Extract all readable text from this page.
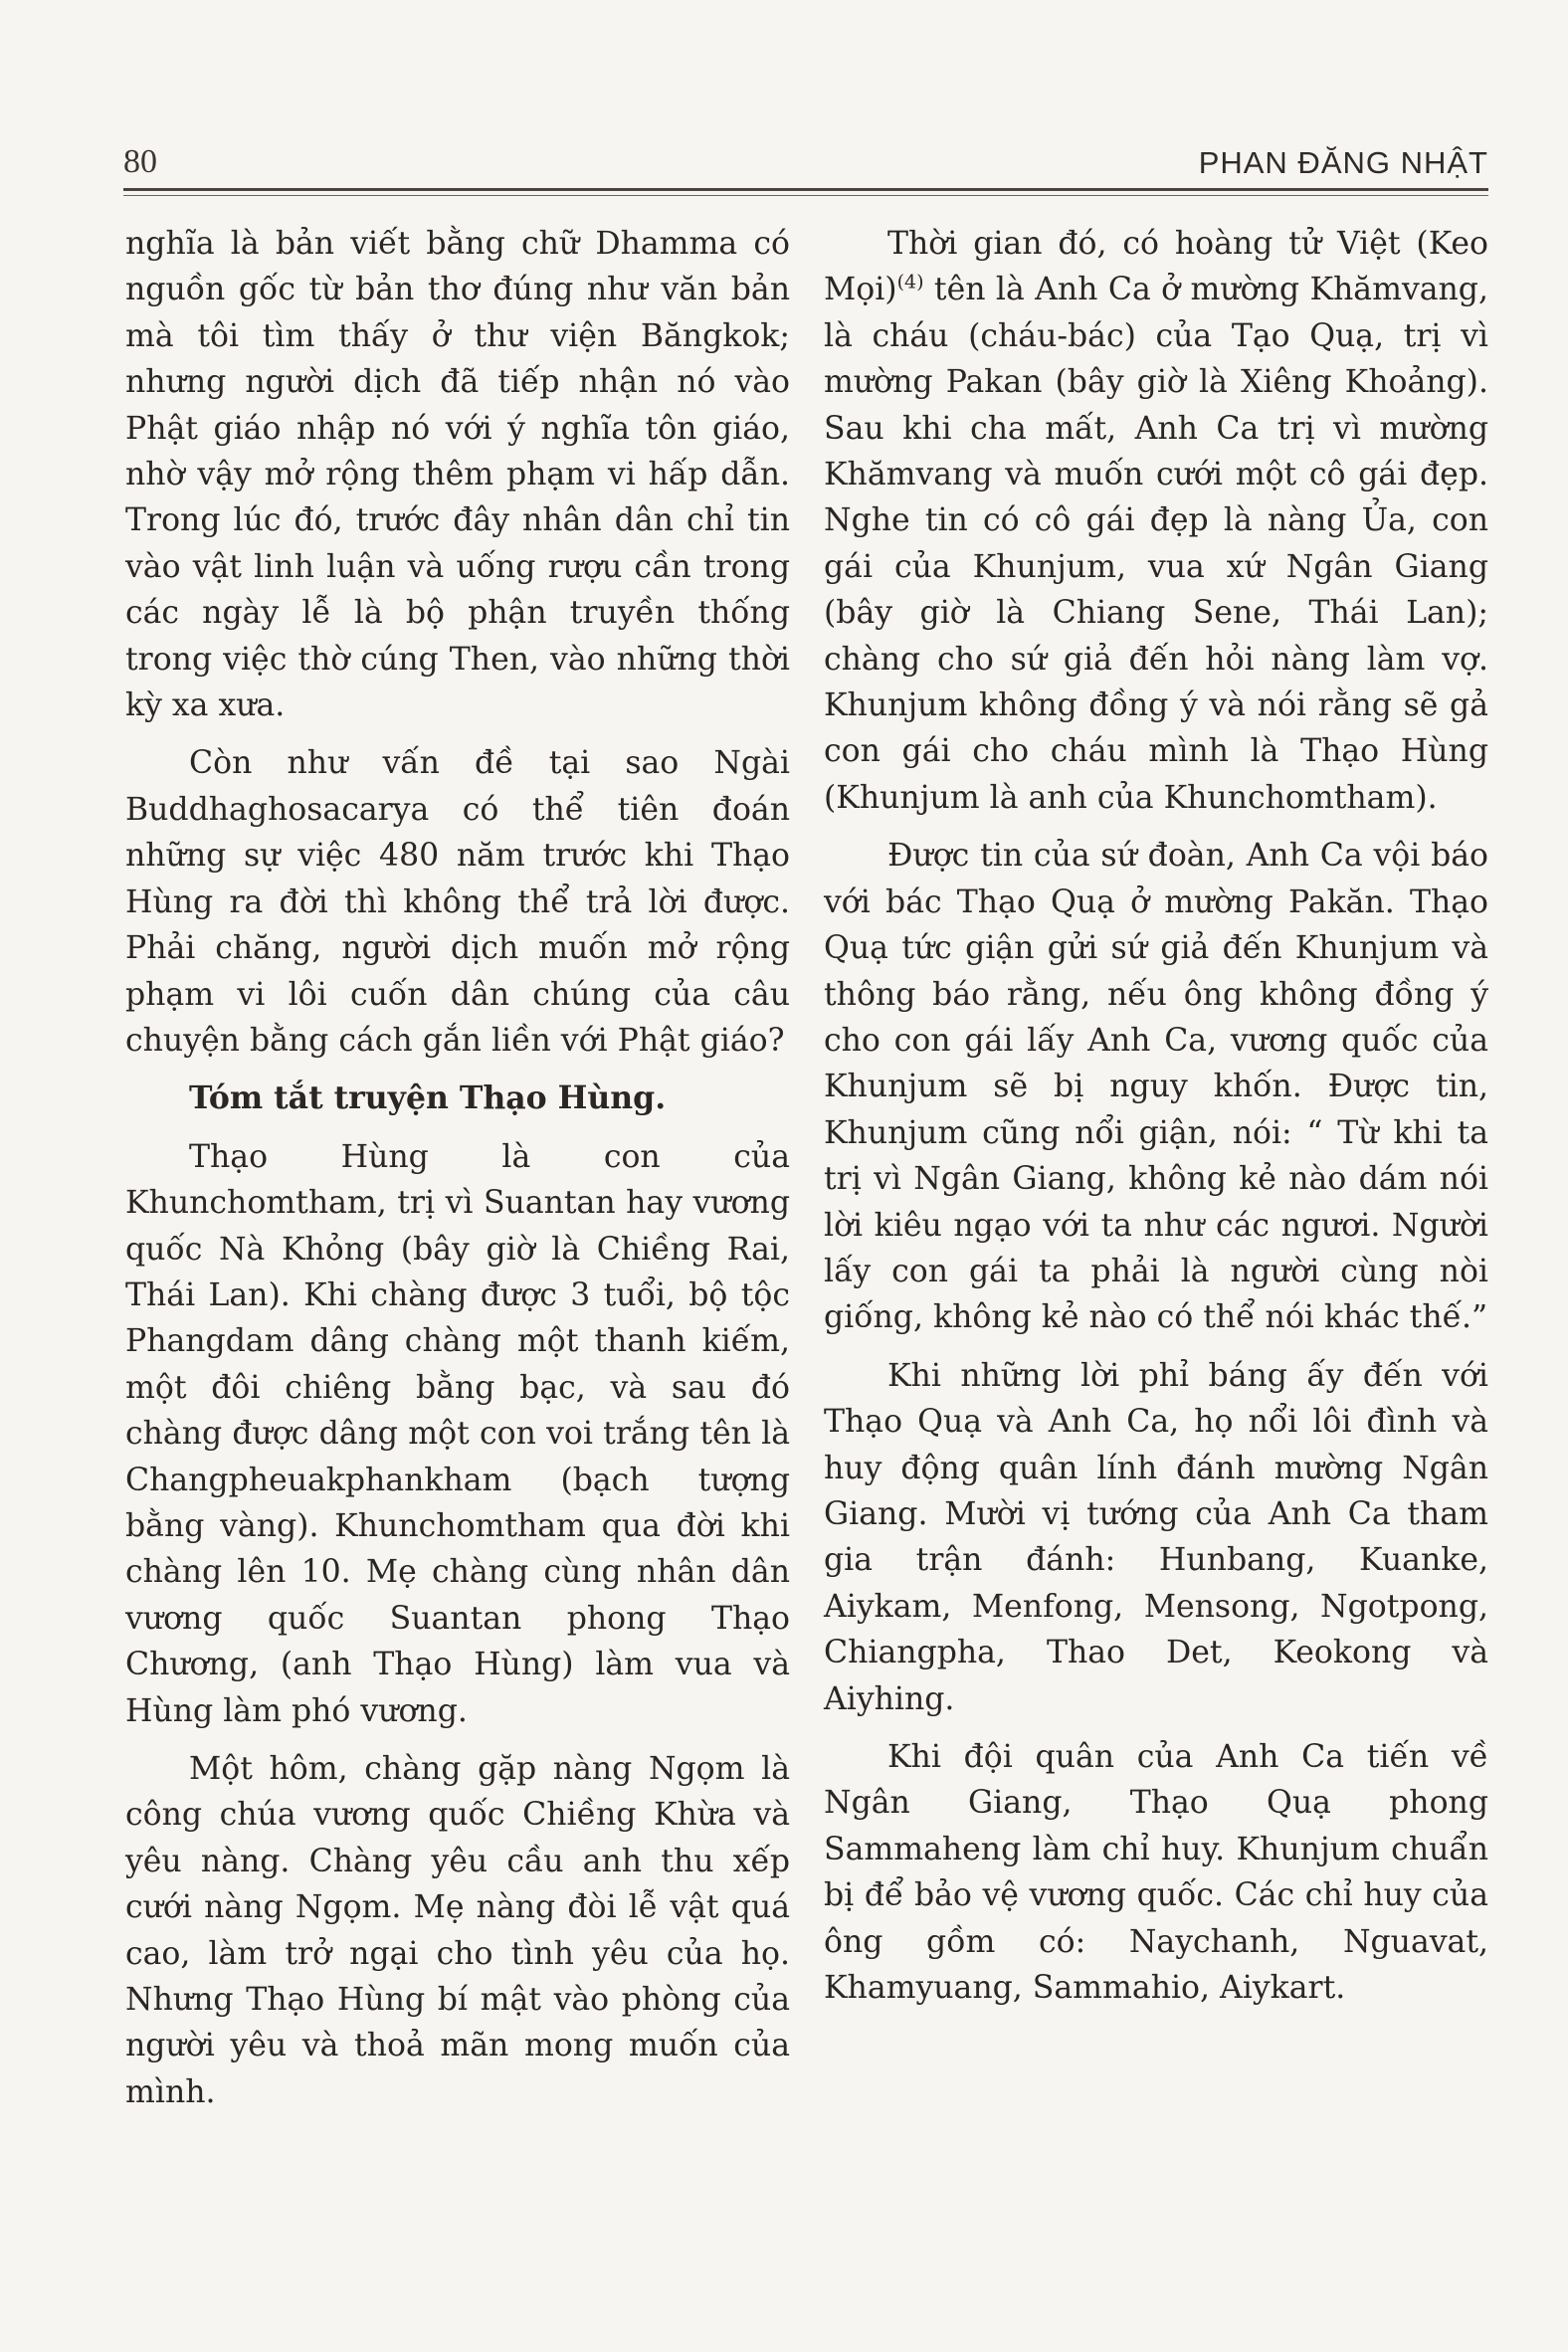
80	PHAN ĐĂNG NHẬT

nghĩa là bản viết bằng chữ Dhamma có nguồn gốc từ bản thơ đúng như văn bản mà tôi tìm thấy ở thư viện Băngkok; nhưng người dịch đã tiếp nhận nó vào Phật giáo nhập nó với ý nghĩa tôn giáo, nhờ vậy mở rộng thêm phạm vi hấp dẫn. Trong lúc đó, trước đây nhân dân chỉ tin vào vật linh luận và uống rượu cần trong các ngày lễ là bộ phận truyền thống trong việc thờ cúng Then, vào những thời kỳ xa xưa.

Còn như vấn đề tại sao Ngài Buddhaghosacarya có thể tiên đoán những sự việc 480 năm trước khi Thạo Hùng ra đời thì không thể trả lời được. Phải chăng, người dịch muốn mở rộng phạm vi lôi cuốn dân chúng của câu chuyện bằng cách gắn liền với Phật giáo?

Tóm tắt truyện Thạo Hùng.

Thạo Hùng là con của Khunchomtham, trị vì Suantan hay vương quốc Nà Khỏng (bây giờ là Chiềng Rai, Thái Lan). Khi chàng được 3 tuổi, bộ tộc Phangdam dâng chàng một thanh kiếm, một đôi chiêng bằng bạc, và sau đó chàng được dâng một con voi trắng tên là Changpheuakphankham (bạch tượng bằng vàng). Khunchomtham qua đời khi chàng lên 10. Mẹ chàng cùng nhân dân vương quốc Suantan phong Thạo Chương, (anh Thạo Hùng) làm vua và Hùng làm phó vương.

Một hôm, chàng gặp nàng Ngọm là công chúa vương quốc Chiềng Khừa và yêu nàng. Chàng yêu cầu anh thu xếp cưới nàng Ngọm. Mẹ nàng đòi lễ vật quá cao, làm trở ngại cho tình yêu của họ. Nhưng Thạo Hùng bí mật vào phòng của người yêu và thoả mãn mong muốn của mình.

Thời gian đó, có hoàng tử Việt (Keo Mọi)$^{(4)}$ tên là Anh Ca ở mường Khămvang, là cháu (cháu-bác) của Tạo Quạ, trị vì mường Pakan (bây giờ là Xiêng Khoảng). Sau khi cha mất, Anh Ca trị vì mường Khămvang và muốn cưới một cô gái đẹp. Nghe tin có cô gái đẹp là nàng Ủa, con gái của Khunjum, vua xứ Ngân Giang (bây giờ là Chiang Sene, Thái Lan); chàng cho sứ giả đến hỏi nàng làm vợ. Khunjum không đồng ý và nói rằng sẽ gả con gái cho cháu mình là Thạo Hùng (Khunjum là anh của Khunchomtham).

Được tin của sứ đoàn, Anh Ca vội báo với bác Thạo Quạ ở mường Pakăn. Thạo Quạ tức giận gửi sứ giả đến Khunjum và thông báo rằng, nếu ông không đồng ý cho con gái lấy Anh Ca, vương quốc của Khunjum sẽ bị nguy khốn. Được tin, Khunjum cũng nổi giận, nói: “ Từ khi ta trị vì Ngân Giang, không kẻ nào dám nói lời kiêu ngạo với ta như các ngươi. Người lấy con gái ta phải là người cùng nòi giống, không kẻ nào có thể nói khác thế.”

Khi những lời phỉ báng ấy đến với Thạo Quạ và Anh Ca, họ nổi lôi đình và huy động quân lính đánh mường Ngân Giang. Mười vị tướng của Anh Ca tham gia trận đánh: Hunbang, Kuanke, Aiykam, Menfong, Mensong, Ngotpong, Chiangpha, Thao Det, Keokong và Aiyhing.

Khi đội quân của Anh Ca tiến về Ngân Giang, Thạo Quạ phong Sammaheng làm chỉ huy. Khunjum chuẩn bị để bảo vệ vương quốc. Các chỉ huy của ông gồm có: Naychanh, Nguavat, Khamyuang, Sammahio, Aiykart.
